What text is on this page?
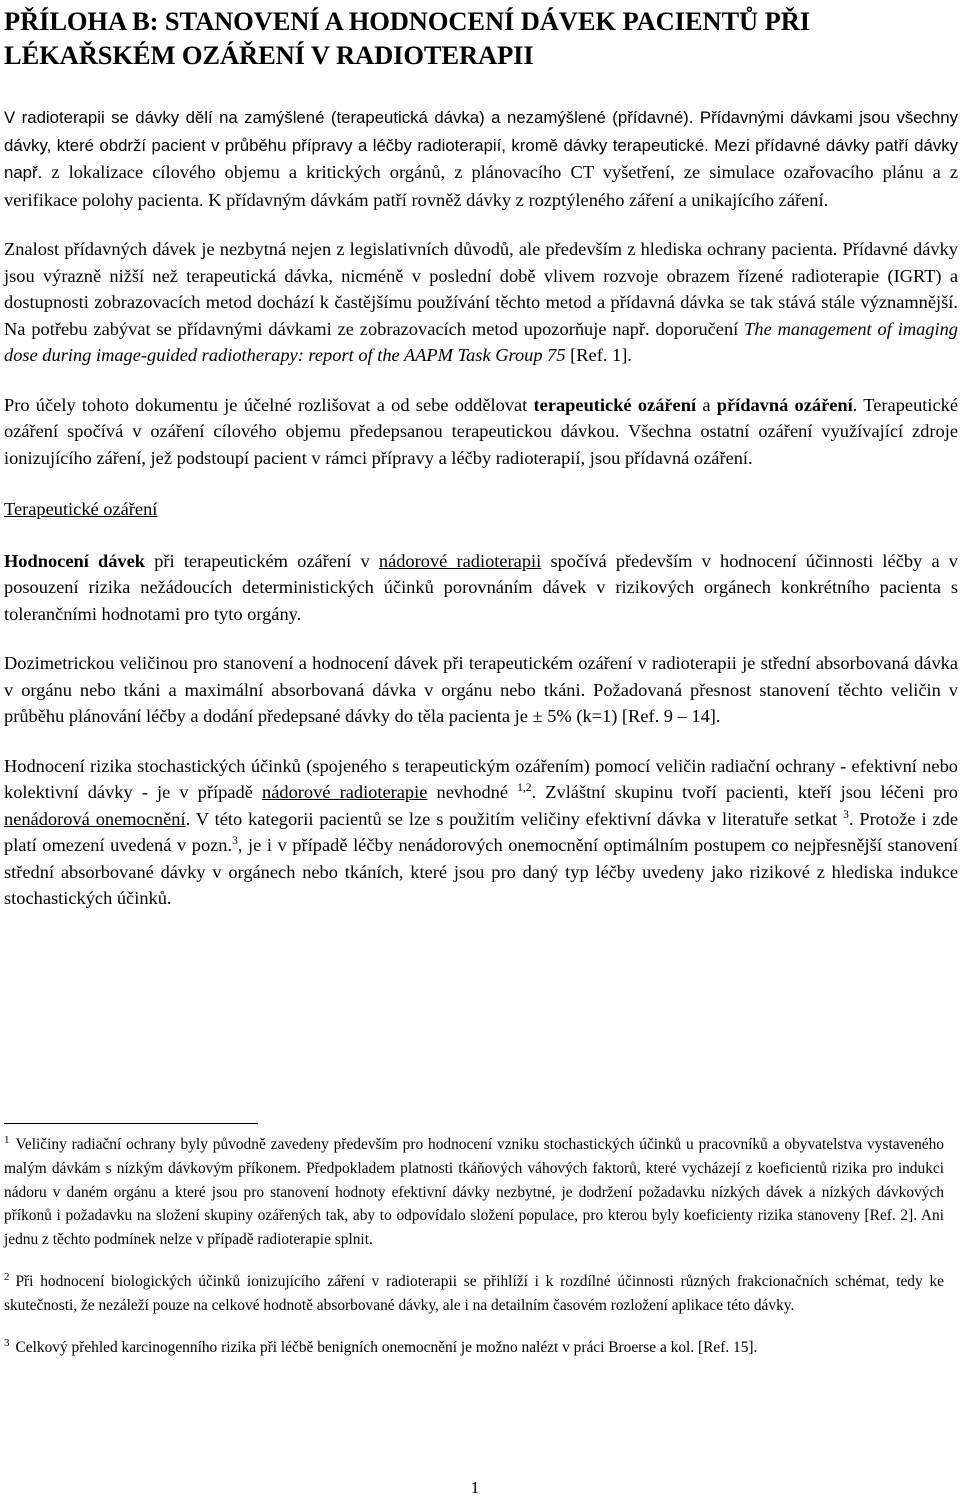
PŘÍLOHA B: STANOVENÍ A HODNOCENÍ DÁVEK PACIENTŮ PŘI
LÉKAŘSKÉM OZÁŘENÍ V RADIOTERAPII

V radioterapii se dávky dělí na zamýšlené (terapeutická dávka) a nezamýšlené (přídavné). Přídavnými dávkami jsou všechny dávky, které obdrží pacient v průběhu přípravy a léčby radioterapií, kromě dávky terapeutické. Mezi přídavné dávky patří dávky např. z lokalizace cílového objemu a kritických orgánů, z plánovacího CT vyšetření, ze simulace ozařovacího plánu a z verifikace polohy pacienta. K přídavným dávkám patří rovněž dávky z rozptýleného záření a unikajícího záření.

Znalost přídavných dávek je nezbytná nejen z legislativních důvodů, ale především z hlediska ochrany pacienta. Přídavné dávky jsou výrazně nižší než terapeutická dávka, nicméně v poslední době vlivem rozvoje obrazem řízené radioterapie (IGRT) a dostupnosti zobrazovacích metod dochází k častějšímu používání těchto metod a přídavná dávka se tak stává stále významnější. Na potřebu zabývat se přídavnými dávkami ze zobrazovacích metod upozorňuje např. doporučení The management of imaging dose during image-guided radiotherapy: report of the AAPM Task Group 75 [Ref. 1].

Pro účely tohoto dokumentu je účelné rozlišovat a od sebe oddělovat terapeutické ozáření a přídavná ozáření. Terapeutické ozáření spočívá v ozáření cílového objemu předepsanou terapeutickou dávkou. Všechna ostatní ozáření využívající zdroje ionizujícího záření, jež podstoupí pacient v rámci přípravy a léčby radioterapií, jsou přídavná ozáření.

Terapeutické ozáření

Hodnocení dávek při terapeutickém ozáření v nádorové radioterapii spočívá především v hodnocení účinnosti léčby a v posouzení rizika nežádoucích deterministických účinků porovnáním dávek v rizikových orgánech konkrétního pacienta s tolerančními hodnotami pro tyto orgány.

Dozimetrickou veličinou pro stanovení a hodnocení dávek při terapeutickém ozáření v radioterapii je střední absorbovaná dávka v orgánu nebo tkáni a maximální absorbovaná dávka v orgánu nebo tkáni. Požadovaná přesnost stanovení těchto veličin v průběhu plánování léčby a dodání předepsané dávky do těla pacienta je ± 5% (k=1) [Ref. 9 – 14].

Hodnocení rizika stochastických účinků (spojeného s terapeutickým ozářením) pomocí veličin radiační ochrany - efektivní nebo kolektivní dávky - je v případě nádorové radioterapie nevhodné $^{1,2}$. Zvláštní skupinu tvoří pacienti, kteří jsou léčeni pro nenádorová onemocnění. V této kategorii pacientů se lze s použitím veličiny efektivní dávka v literatuře setkat $^3$. Protože i zde platí omezení uvedená v pozn.$^3$, je i v případě léčby nenádorových onemocnění optimálním postupem co nejpřesnější stanovení střední absorbované dávky v orgánech nebo tkáních, které jsou pro daný typ léčby uvedeny jako rizikové z hlediska indukce stochastických účinků.

$^1$ Veličiny radiační ochrany byly původně zavedeny především pro hodnocení vzniku stochastických účinků u pracovníků a obyvatelstva vystaveného malým dávkám s nízkým dávkovým příkonem. Předpokladem platnosti tkáňových váhových faktorů, které vycházejí z koeficientů rizika pro indukci nádoru v daném orgánu a které jsou pro stanovení hodnoty efektivní dávky nezbytné, je dodržení požadavku nízkých dávek a nízkých dávkových příkonů i požadavku na složení skupiny ozářených tak, aby to odpovídalo složení populace, pro kterou byly koeficienty rizika stanoveny [Ref. 2]. Ani jednu z těchto podmínek nelze v případě radioterapie splnit.

$^2$ Při hodnocení biologických účinků ionizujícího záření v radioterapii se přihlíží i k rozdílné účinnosti různých frakcionačních schémat, tedy ke skutečnosti, že nezáleží pouze na celkové hodnotě absorbované dávky, ale i na detailním časovém rozložení aplikace této dávky.

$^3$ Celkový přehled karcinogenního rizika při léčbě benigních onemocnění je možno nalézt v práci Broerse a kol. [Ref. 15].

1
